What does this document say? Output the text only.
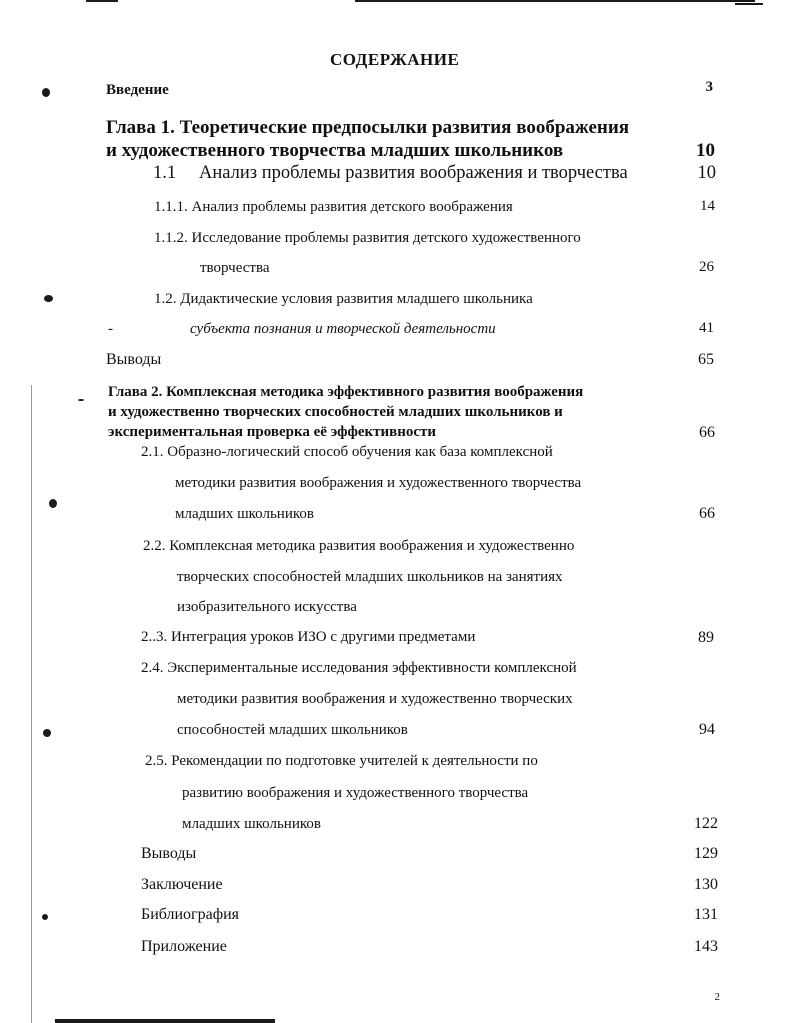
СОДЕРЖАНИЕ
Введение	3
Глава 1. Теоретические предпосылки развития воображения
и художественного творчества младших школьников	10
1.1 Анализ проблемы развития воображения и творчества	10
1.1.1. Анализ проблемы развития детского воображения	14
1.1.2. Исследование проблемы развития детского художественного
творчества	26
1.2. Дидактические условия развития младшего школьника
-	субъекта познания и творческой деятельности	41
Выводы	65
Глава 2. Комплексная методика эффективного развития воображения
и художественно творческих способностей младших школьников и
экспериментальная проверка её эффективности	66
2.1. Образно-логический способ обучения как база комплексной
методики развития воображения и художественного творчества
младших школьников	66
2.2. Комплексная методика развития воображения и художественно
творческих способностей младших школьников на занятиях
изобразительного искусства
2..3. Интеграция уроков ИЗО с другими предметами	89
2.4. Экспериментальные исследования эффективности комплексной
методики развития воображения и художественно творческих
способностей младших школьников	94
2.5. Рекомендации по подготовке учителей к деятельности по
развитию воображения и художественного творчества
младших школьников	122
Выводы	129
Заключение	130
Библиография	131
Приложение	143
2
